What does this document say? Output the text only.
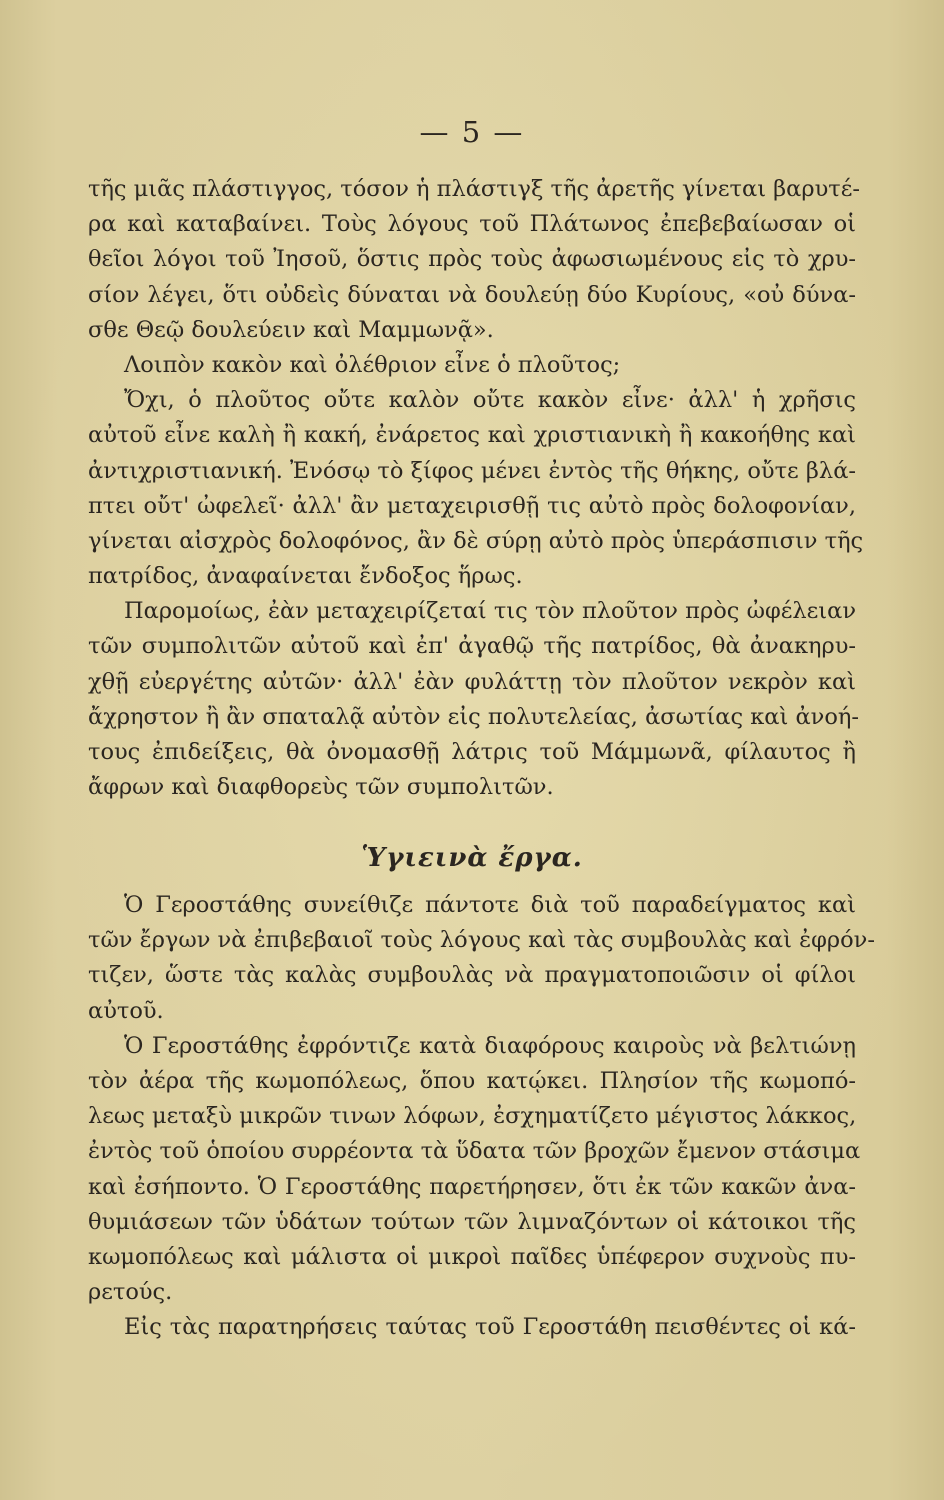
— 5 —
τῆς μιᾶς πλάστιγγος, τόσον ἡ πλάστιγξ τῆς ἀρετῆς γίνεται βαρυτέ-
ρα καὶ καταβαίνει. Τοὺς λόγους τοῦ Πλάτωνος ἐπεβεβαίωσαν οἱ
θεῖοι λόγοι τοῦ Ἰησοῦ, ὅστις πρὸς τοὺς ἀφωσιωμένους εἰς τὸ χρυ-
σίον λέγει, ὅτι οὐδεὶς δύναται νὰ δουλεύῃ δύο Κυρίους, «οὐ δύνα-
σθε Θεῷ δουλεύειν καὶ Μαμμωνᾷ».
Λοιπὸν κακὸν καὶ ὀλέθριον εἶνε ὁ πλοῦτος;
Ὄχι, ὁ πλοῦτος οὔτε καλὸν οὔτε κακὸν εἶνε· ἀλλ' ἡ χρῆσις
αὐτοῦ εἶνε καλὴ ἢ κακή, ἐνάρετος καὶ χριστιανικὴ ἢ κακοήθης καὶ
ἀντιχριστιανική. Ἐνόσῳ τὸ ξίφος μένει ἐντὸς τῆς θήκης, οὔτε βλά-
πτει οὔτ' ὠφελεῖ· ἀλλ' ἂν μεταχειρισθῇ τις αὐτὸ πρὸς δολοφονίαν,
γίνεται αἰσχρὸς δολοφόνος, ἂν δὲ σύρῃ αὐτὸ πρὸς ὑπεράσπισιν τῆς
πατρίδος, ἀναφαίνεται ἔνδοξος ἥρως.
Παρομοίως, ἐὰν μεταχειρίζεταί τις τὸν πλοῦτον πρὸς ὠφέλειαν
τῶν συμπολιτῶν αὐτοῦ καὶ ἐπ' ἀγαθῷ τῆς πατρίδος, θὰ ἀνακηρυ-
χθῇ εὐεργέτης αὐτῶν· ἀλλ' ἐὰν φυλάττῃ τὸν πλοῦτον νεκρὸν καὶ
ἄχρηστον ἢ ἂν σπαταλᾷ αὐτὸν εἰς πολυτελείας, ἀσωτίας καὶ ἀνοή-
τους ἐπιδείξεις, θὰ ὀνομασθῇ λάτρις τοῦ Μάμμωνᾶ, φίλαυτος ἢ
ἄφρων καὶ διαφθορεὺς τῶν συμπολιτῶν.
Ὑγιεινὰ ἔργα.
Ὁ Γεροστάθης συνείθιζε πάντοτε διὰ τοῦ παραδείγματος καὶ
τῶν ἔργων νὰ ἐπιβεβαιοῖ τοὺς λόγους καὶ τὰς συμβουλὰς καὶ ἐφρόν-
τιζεν, ὥστε τὰς καλὰς συμβουλὰς νὰ πραγματοποιῶσιν οἱ φίλοι
αὐτοῦ.
Ὁ Γεροστάθης ἐφρόντιζε κατὰ διαφόρους καιροὺς νὰ βελτιώνῃ
τὸν ἀέρα τῆς κωμοπόλεως, ὅπου κατῴκει. Πλησίον τῆς κωμοπό-
λεως μεταξὺ μικρῶν τινων λόφων, ἐσχηματίζετο μέγιστος λάκκος,
ἐντὸς τοῦ ὁποίου συρρέοντα τὰ ὕδατα τῶν βροχῶν ἔμενον στάσιμα
καὶ ἐσήποντο. Ὁ Γεροστάθης παρετήρησεν, ὅτι ἐκ τῶν κακῶν ἀνα-
θυμιάσεων τῶν ὑδάτων τούτων τῶν λιμναζόντων οἱ κάτοικοι τῆς
κωμοπόλεως καὶ μάλιστα οἱ μικροὶ παῖδες ὑπέφερον συχνοὺς πυ-
ρετούς.
Εἰς τὰς παρατηρήσεις ταύτας τοῦ Γεροστάθη πεισθέντες οἱ κά-
